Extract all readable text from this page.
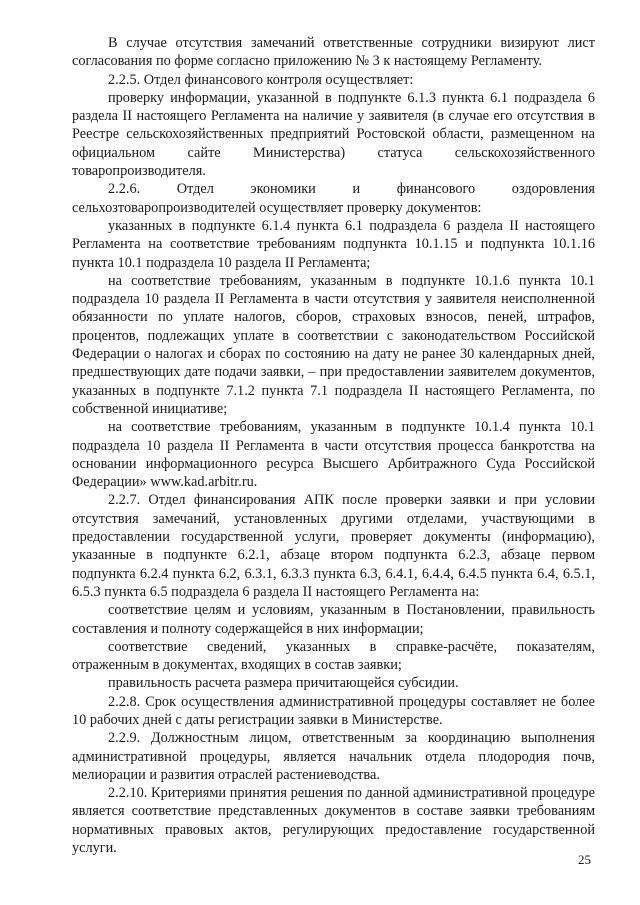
В случае отсутствия замечаний ответственные сотрудники визируют лист согласования по форме согласно приложению № 3 к настоящему Регламенту.

2.2.5. Отдел финансового контроля осуществляет:

проверку информации, указанной в подпункте 6.1.3 пункта 6.1 подраздела 6 раздела II настоящего Регламента на наличие у заявителя (в случае его отсутствия в Реестре сельскохозяйственных предприятий Ростовской области, размещенном на официальном сайте Министерства) статуса сельскохозяйственного товаропроизводителя.

2.2.6. Отдел экономики и финансового оздоровления сельхозтоваропроизводителей осуществляет проверку документов:

указанных в подпункте 6.1.4 пункта 6.1 подраздела 6 раздела II настоящего Регламента на соответствие требованиям подпункта 10.1.15 и подпункта 10.1.16 пункта 10.1 подраздела 10 раздела II Регламента;

на соответствие требованиям, указанным в подпункте 10.1.6 пункта 10.1 подраздела 10 раздела II Регламента в части отсутствия у заявителя неисполненной обязанности по уплате налогов, сборов, страховых взносов, пеней, штрафов, процентов, подлежащих уплате в соответствии с законодательством Российской Федерации о налогах и сборах по состоянию на дату не ранее 30 календарных дней, предшествующих дате подачи заявки, – при предоставлении заявителем документов, указанных в подпункте 7.1.2 пункта 7.1 подраздела II настоящего Регламента, по собственной инициативе;

на соответствие требованиям, указанным в подпункте 10.1.4 пункта 10.1 подраздела 10 раздела II Регламента в части отсутствия процесса банкротства на основании информационного ресурса Высшего Арбитражного Суда Российской Федерации» www.kad.arbitr.ru.

2.2.7. Отдел финансирования АПК после проверки заявки и при условии отсутствия замечаний, установленных другими отделами, участвующими в предоставлении государственной услуги, проверяет документы (информацию), указанные в подпункте 6.2.1, абзаце втором подпункта 6.2.3, абзаце первом подпункта 6.2.4 пункта 6.2, 6.3.1, 6.3.3 пункта 6.3, 6.4.1, 6.4.4, 6.4.5 пункта 6.4, 6.5.1, 6.5.3 пункта 6.5 подраздела 6 раздела II настоящего Регламента на:

соответствие целям и условиям, указанным в Постановлении, правильность составления и полноту содержащейся в них информации;

соответствие сведений, указанных в справке-расчёте, показателям, отраженным в документах, входящих в состав заявки;

правильность расчета размера причитающейся субсидии.

2.2.8. Срок осуществления административной процедуры составляет не более 10 рабочих дней с даты регистрации заявки в Министерстве.

2.2.9. Должностным лицом, ответственным за координацию выполнения административной процедуры, является начальник отдела плодородия почв, мелиорации и развития отраслей растениеводства.

2.2.10. Критериями принятия решения по данной административной процедуре является соответствие представленных документов в составе заявки требованиям нормативных правовых актов, регулирующих предоставление государственной услуги.

25
